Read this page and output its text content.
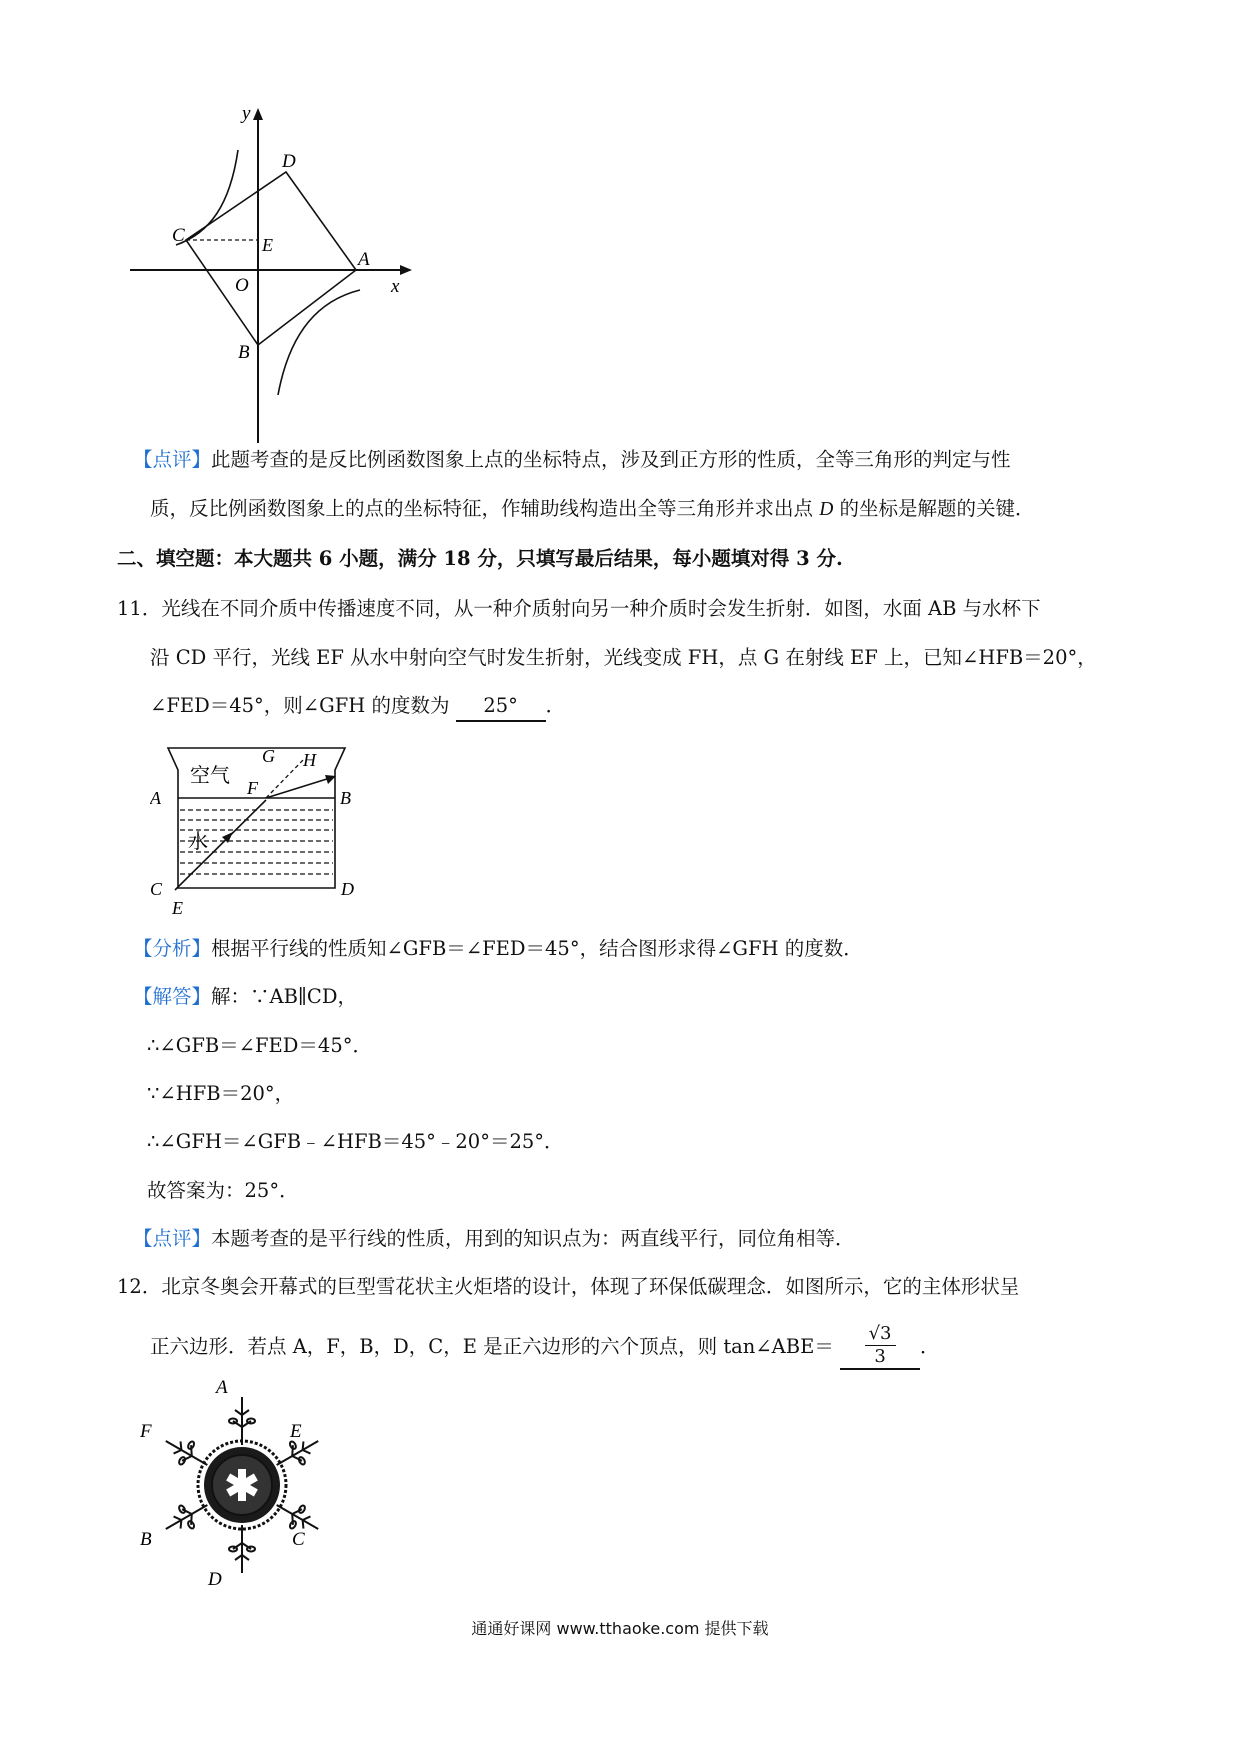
y
x
O
A
B
C
D
E
【点评】此题考查的是反比例函数图象上点的坐标特点，涉及到正方形的性质，全等三角形的判定与性
质，反比例函数图象上的点的坐标特征，作辅助线构造出全等三角形并求出点 D 的坐标是解题的关键．
二、填空题：本大题共 6 小题，满分 18 分，只填写最后结果，每小题填对得 3 分.
11．光线在不同介质中传播速度不同，从一种介质射向另一种介质时会发生折射．如图，水面 AB 与水杯下
沿 CD 平行，光线 EF 从水中射向空气时发生折射，光线变成 FH，点 G 在射线 EF 上，已知∠HFB＝20°，
∠FED＝45°，则∠GFH 的度数为 25° ．
空气
水
A	B
C	D
E
F
G H
【分析】根据平行线的性质知∠GFB＝∠FED＝45°，结合图形求得∠GFH 的度数．
【解答】解：∵AB∥CD，
∴∠GFB＝∠FED＝45°．
∵∠HFB＝20°，
∴∠GFH＝∠GFB﹣∠HFB＝45°﹣20°＝25°．
故答案为：25°．
【点评】本题考查的是平行线的性质，用到的知识点为：两直线平行，同位角相等．
12．北京冬奥会开幕式的巨型雪花状主火炬塔的设计，体现了环保低碳理念．如图所示，它的主体形状呈
正六边形．若点 A，F，B，D，C，E 是正六边形的六个顶点，则 tan∠ABE＝ $\frac{√3}{3}$ ．
A
F	E
B	C
D
通通好课网 www.tthaoke.com 提供下载
